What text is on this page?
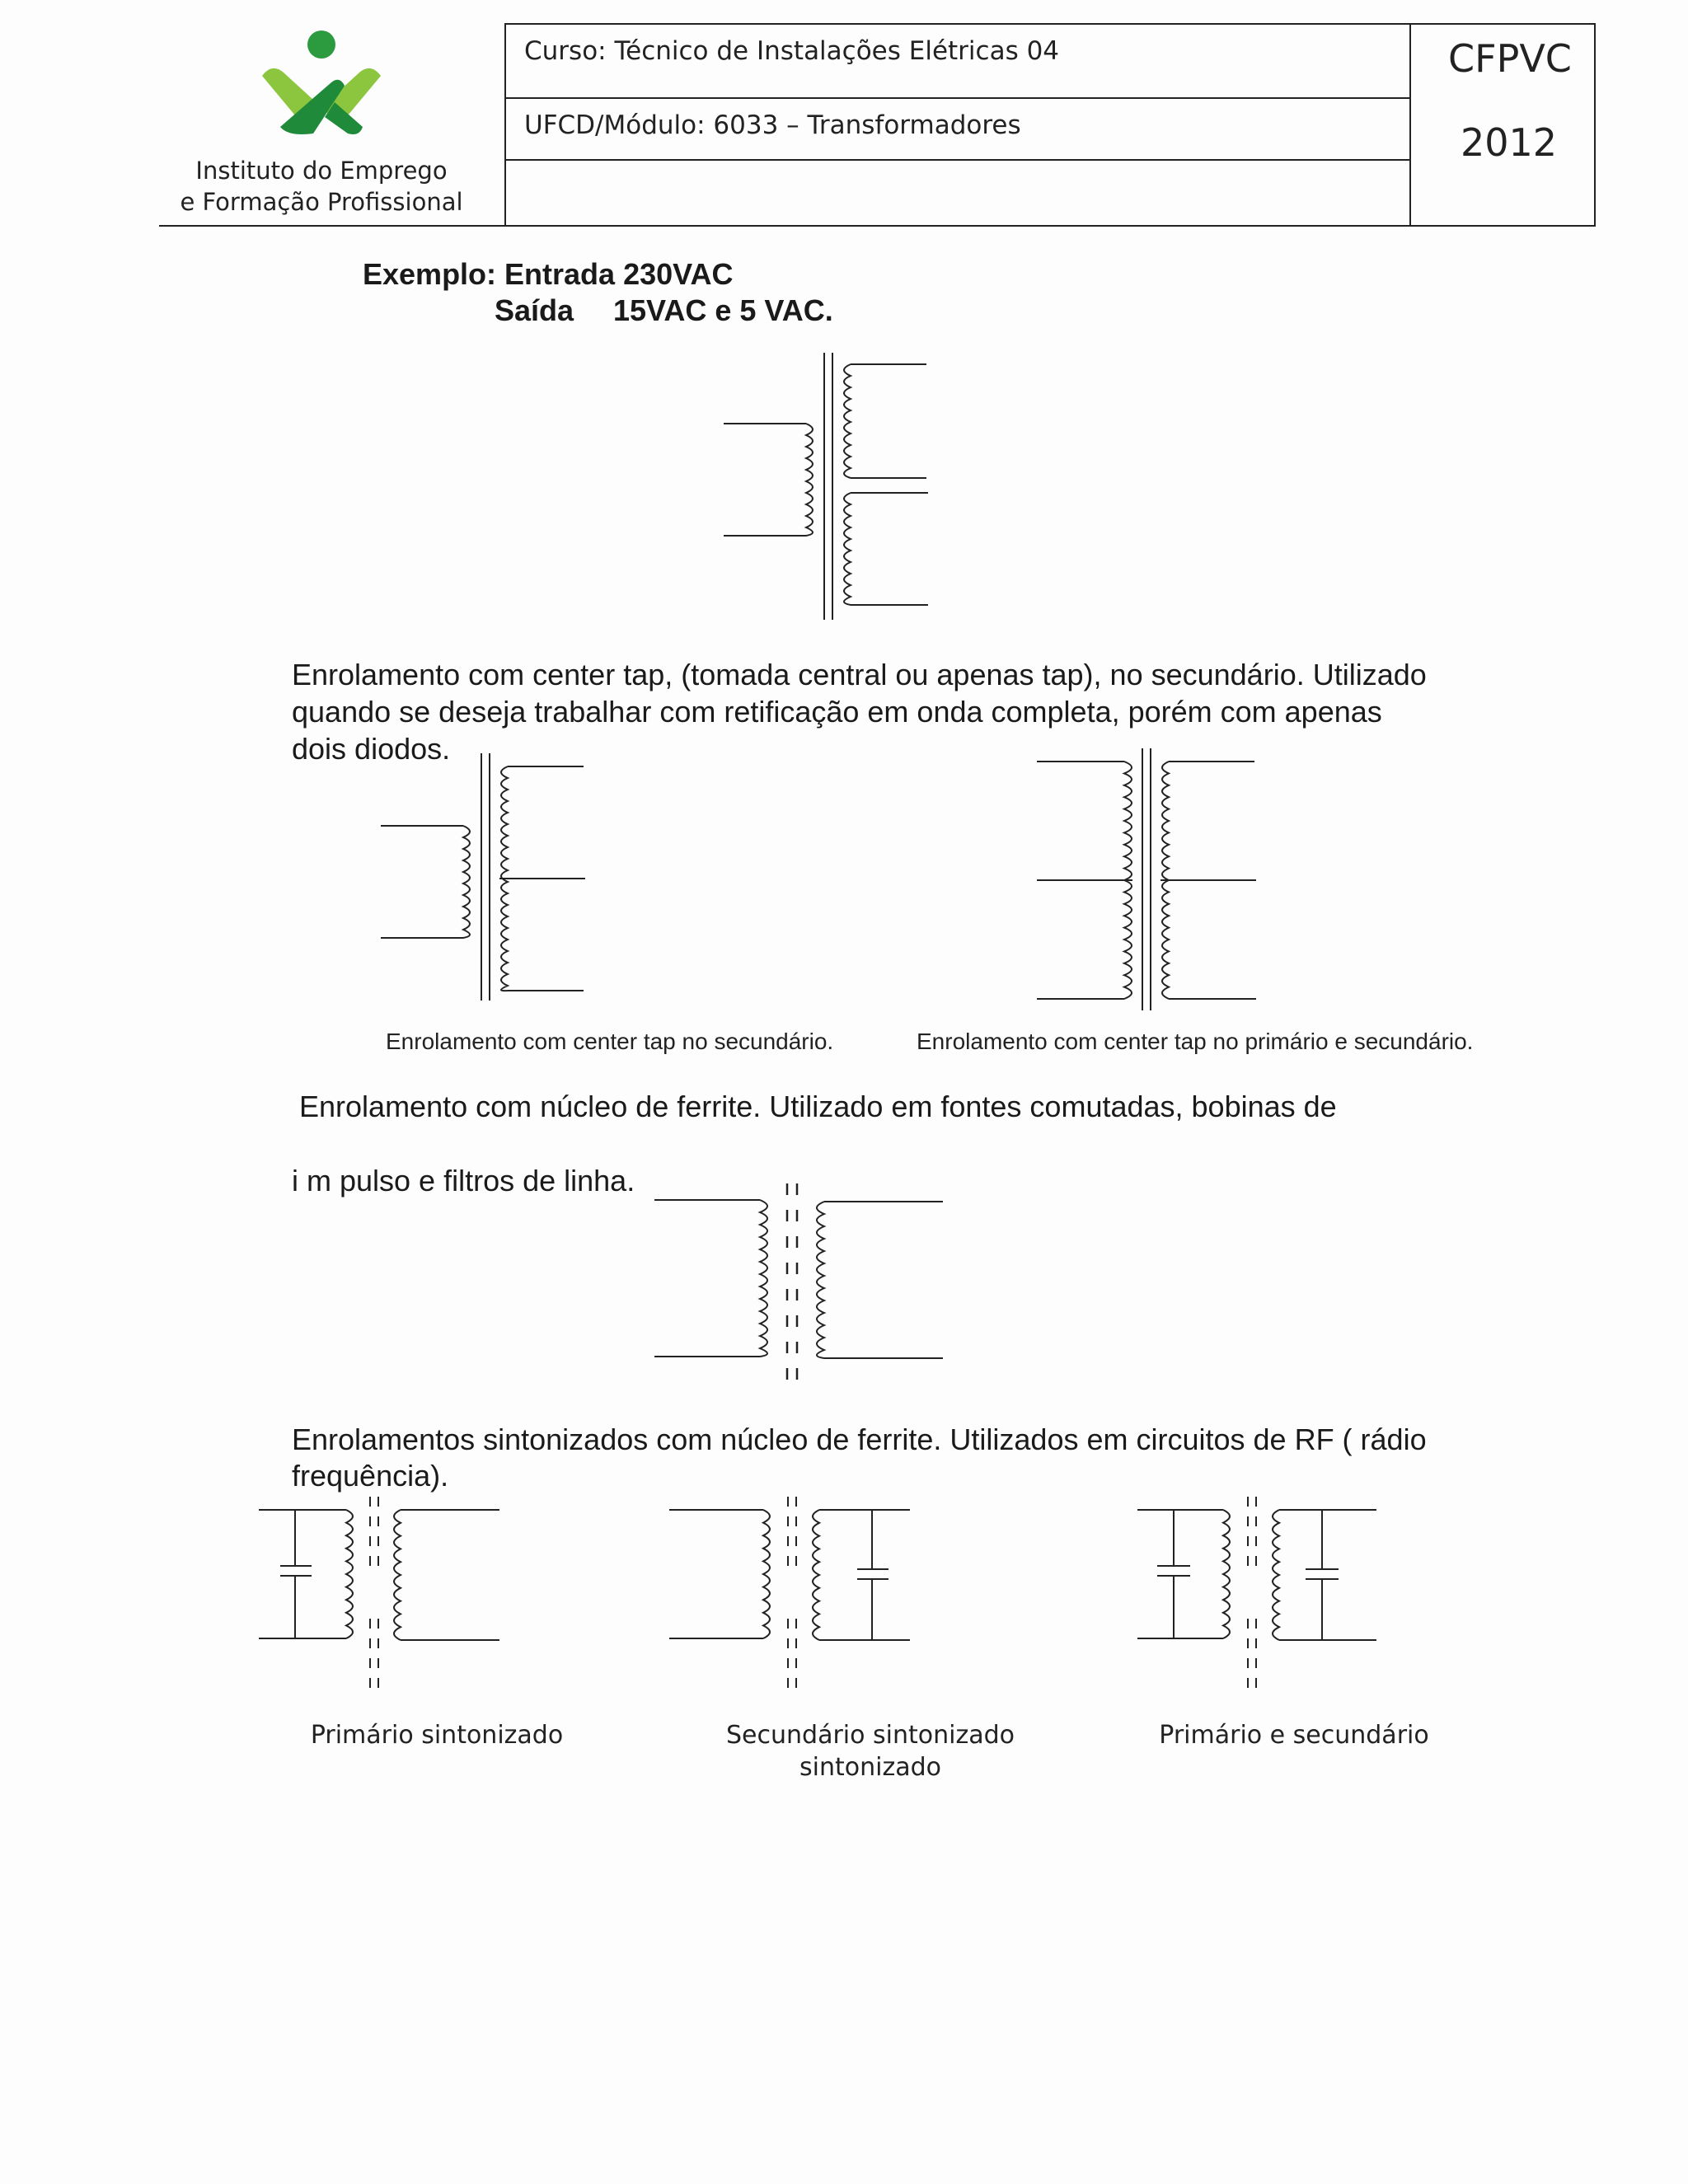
Instituto do Emprego
e Formação Profissional
Curso: Técnico de Instalações Elétricas 04
UFCD/Módulo: 6033 – Transformadores
CFPVC
2012
Exemplo: Entrada 230VAC
Saída 15VAC e 5 VAC.
Enrolamento com center tap, (tomada central ou apenas tap), no secundário. Utilizado
quando se deseja trabalhar com retificação em onda completa, porém com apenas
dois diodos.
Enrolamento com center tap no secundário.	Enrolamento com center tap no primário e secundário.
Enrolamento com núcleo de ferrite. Utilizado em fontes comutadas, bobinas de
i m pulso e filtros de linha.
Enrolamentos sintonizados com núcleo de ferrite. Utilizados em circuitos de RF ( rádio
frequência).
Primário sintonizado	Secundário sintonizado
sintonizado
Primário e secundário
